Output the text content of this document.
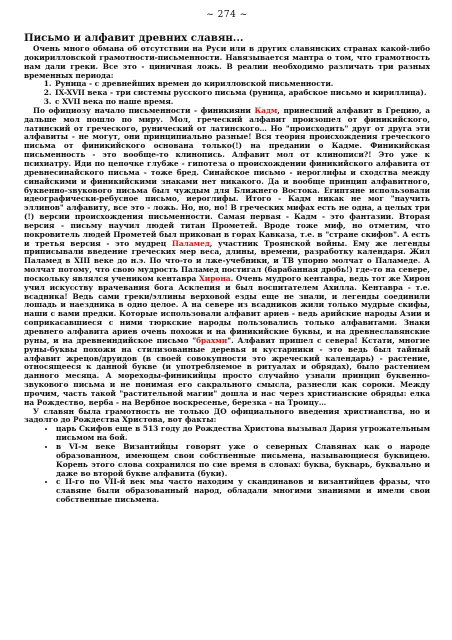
~ 274 ~
Письмо и алфавит древних славян...

Очень много обмана об отсутствии на Руси или в других славянских странах какой-либо докирилловской грамотности-письменности. Навязывается мантра о том, что грамотность нам дали греки. Все это - циничная ложь. В реалии необходимо различать три разных временных периода:

1. Руница - с древнейших времен до кирилловской письменности.
2. IX-XVII века - три системы русского письма (руница, арабское письмо и кириллица).
3. с XVII века по наше время.

По официозу начало письменности - финикияни Кадм, принесший алфавит в Грецию, а дальше мол пошло по миру. Мол, греческий алфавит произошел от финикийского, латинский от греческого, рунический от латинского… Но "происходить" друг от друга эти алфавиты - не могут, они принципиально разные! Вся теория происхождения греческого письма от финикийского основана только(!) на предании о Кадме. Финикийская письменность - это вообще-то клинопись. Алфавит мол от клинописи?! Это уже к психиатру. Иди по цепочке глубже - гипотеза о происхождении финикийского алфавита от древнесинайского письма - тоже бред. Синайское письмо - иероглифы и сходства между синайскими и финикийскими знаками нет никакого. Да и вообще принцип алфавитного, буквенно-звукового письма был чуждым для Ближнего Востока. Египтяне использовали идеографически-ребусное письмо, иероглифы. Итого - Кадм никак не мог "научить эллинов" алфавиту, все это - ложь. Но, но, но! В греческих мифах есть не одна, а целых три (!) версии происхождения письменности. Самая первая - Кадм - это фантазии. Вторая версия - письму научил людей титан Прометей. Вроде тоже миф, но отметим, что покровитель людей Прометей был прикован в горах Кавказа, т.е. в "стране скифов". А есть и третья версия - это мудрец Паламед, участник Троянской войны. Ему же легенды приписывали введение греческих мер веса, длины, времени, разработку календаря. Жил Паламед в XIII веке до н.э. По что-то и лже-учебники, и ТВ упорно молчат о Паламеде. А молчат потому, что свою мудрость Паламед постигал (барабанная дробь!) где-то на севере, поскольку являлся учеником кентавра Хирона. Очень мудрого кентавра, ведь тот же Хирон учил искусству врачевания бога Асклепия и был воспитателем Ахилла. Кентавра - т.е. всадника! Ведь сами греки/эллины верховой езды еще не знали, и легенды соединили лошадь и наездника в одно целое. А на севере из всадников жили только мудрые скифы, наши с вами предки. Которые использовали алфавит ариев - ведь арийские народы Азии и соприкасавшиеся с ними тюркские народы пользовались только алфавитами. Знаки древнего алфавита ариев очень похожи и на финикийские буквы, и на древнеславянские руны, и на древнеиндийское письмо "брахми". Алфавит пришел с севера! Кстати, многие руны-буквы похожи на стилизованные деревья и кустарники - это ведь был тайный алфавит жрецов/друидов (в своей совокупности это жреческий календарь) - растение, относящееся к данной букве (и употребляемое в ритуалах и обрядах), было растением данного месяца. А мореходы-финикийцы просто случайно узнали принцип буквенно-звукового письма и не понимая его сакрального смысла, разнесли как сороки. Между прочим, часть такой "растительной магии" дошла и нас через христианские обряды: елка на Рождество, верба - на Вербное воскресенье, березка - на Троицу…

У славян была грамотность не только ДО официального введения христианства, но и задолго до Рождества Христова, вот факты:

• царь Скифов еще в 513 году до Рождества Христова вызывал Дария угрожательным письмом на бой.
• в VI-м веке Византийцы говорят уже о северных Славянах как о народе образованном, имеющем свои собственные письмена, называющиеся буквицею. Корень этого слова сохранился по сие время в словах: буква, букварь, буквально и даже во второй букве алфавита (буки).
• с II-го по VII-й век мы часто находим у скандинавов и византийцев фразы, что славяне были образованный народ, обладали многими знаниями и имели свои собственные письмена.
